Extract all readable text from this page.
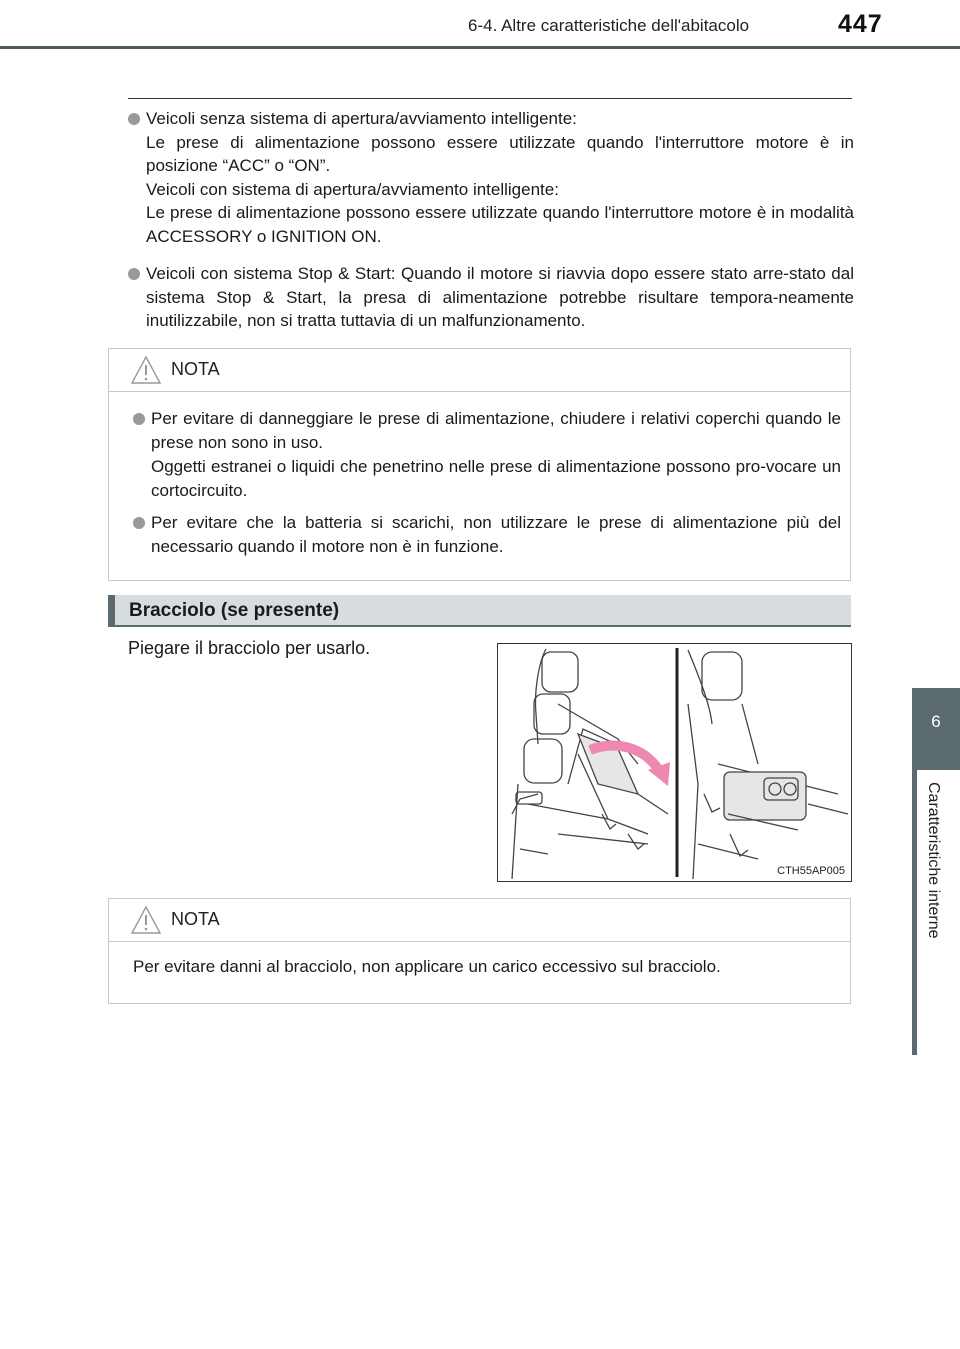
6-4. Altre caratteristiche dell'abitacolo	447
6
Caratteristiche interne

Veicoli senza sistema di apertura/avviamento intelligente:

Le prese di alimentazione possono essere utilizzate quando l'interruttore motore è in posizione “ACC” o “ON”.

Veicoli con sistema di apertura/avviamento intelligente:

Le prese di alimentazione possono essere utilizzate quando l'interruttore motore è in modalità ACCESSORY o IGNITION ON.

Veicoli con sistema Stop & Start: Quando il motore si riavvia dopo essere stato arre-stato dal sistema Stop & Start, la presa di alimentazione potrebbe risultare tempora-neamente inutilizzabile, non si tratta tuttavia di un malfunzionamento.

NOTA

Per evitare di danneggiare le prese di alimentazione, chiudere i relativi coperchi quando le prese non sono in uso.

Oggetti estranei o liquidi che penetrino nelle prese di alimentazione possono pro-vocare un cortocircuito.

Per evitare che la batteria si scarichi, non utilizzare le prese di alimentazione più del necessario quando il motore non è in funzione.

Bracciolo (se presente)
Piegare il bracciolo per usarlo.
CTH55AP005
NOTA
Per evitare danni al bracciolo, non applicare un carico eccessivo sul bracciolo.
